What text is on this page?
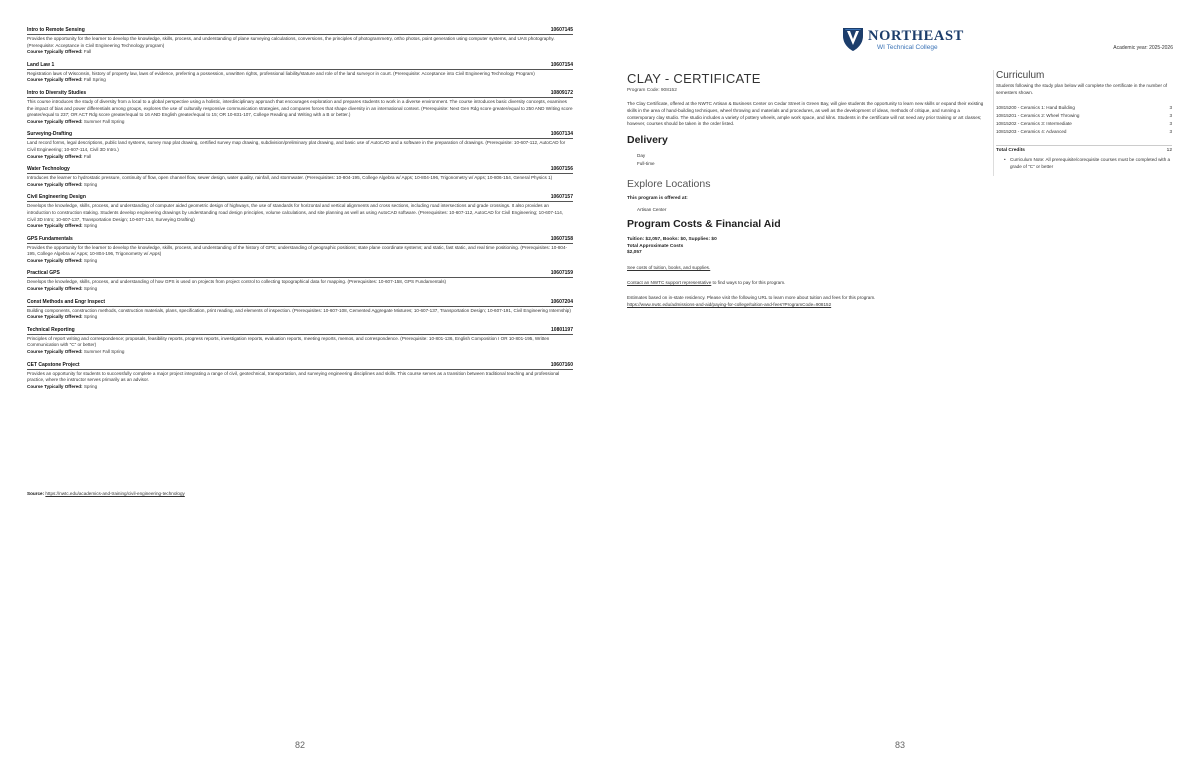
Intro to Remote Sensing	10607145
Provides the opportunity for the learner to develop the knowledge, skills, process, and understanding of plane surveying calculations, conversions, the principles of photogrammetry, ortho photos, point generation using computer systems, and UAS photography. (Prerequisite: Acceptance in Civil Engineering Technology program)
Course Typically Offered: Fall
Land Law 1	10607154
Registration laws of Wisconsin, history of property law, laws of evidence, preferring a possession, unwritten rights, professional liability/stature and role of the land surveyor in court. (Prerequisite: Acceptance into Civil Engineering Technology Program)
Course Typically Offered: Fall Spring
Intro to Diversity Studies	10809172
This course introduces the study of diversity from a local to a global perspective using a holistic, interdisciplinary approach that encourages exploration and prepares students to work in a diverse environment. The course introduces basic diversity concepts, examines the impact of bias and power differentials among groups, explores the use of culturally responsive communication strategies, and compares forces that shape diversity in an international context. (Prerequisite: Next Gen Rdg score greater/equal to 250 AND Writing score greater/equal to 237; OR ACT Rdg score greater/equal to 16 AND English greater/equal to 15; OR 10-831-107, College Reading and Writing with a B or better.)
Course Typically Offered: Summer Fall Spring
Surveying-Drafting	10607134
Land record forms, legal descriptions, public land systems, survey map plat drawing, certified survey map drawing, subdivision/preliminary plat drawing, and basic use of AutoCAD and a software in the preparation of drawings. (Prerequisite: 10-607-112, AutoCAD for Civil Engineering; 10-607-114, Civil 3D Intro.)
Course Typically Offered: Fall
Water Technology	10607156
Introduces the learner to hydrostatic pressure, continuity of flow, open channel flow, sewer design, water quality, rainfall, and stormwater. (Prerequisites: 10-804-195, College Algebra w/ Apps; 10-804-196, Trigonometry w/ Apps; 10-806-154, General Physics 1)
Course Typically Offered: Spring
Civil Engineering Design	10607157
Develops the knowledge, skills, process, and understanding of computer aided geometric design of highways, the use of standards for horizontal and vertical alignments and cross sections, including road intersections and grade crossings. It also provides an introduction to construction staking. Students develop engineering drawings by understanding road design principles, volume calculations, and site planning as well as using AutoCAD software. (Prerequisites: 10-607-112, AutoCAD for Civil Engineering; 10-607-114, Civil 3D Intro; 10-607-137, Transportation Design; 10-607-134, Surveying Drafting)
Course Typically Offered: Spring
GPS Fundamentals	10607158
Provides the opportunity for the learner to develop the knowledge, skills, process, and understanding of the history of GPS; understanding of geographic positions; state plane coordinate systems; and static, fast static, and real time positioning. (Prerequisites: 10-804-195, College Algebra w/ Apps; 10-804-196, Trigonometry w/ Apps)
Course Typically Offered: Spring
Practical GPS	10607159
Develops the knowledge, skills, process, and understanding of how GPS is used on projects from project control to collecting topographical data for mapping. (Prerequisites: 10-607-158, GPS Fundamentals)
Course Typically Offered: Spring
Const Methods and Engr Inspect	10607204
Building components, construction methods, construction materials, plans, specification, print reading, and elements of inspection. (Prerequisites: 10-607-108, Cemented Aggregate Mixtures; 10-607-137, Transportation Design; 10-607-191, Civil Engineering Internship)
Course Typically Offered: Spring
Technical Reporting	10801197
Principles of report writing and correspondence; proposals, feasibility reports, progress reports, investigation reports, evaluation reports, meeting reports, memos, and correspondence. (Prerequisite: 10-801-136, English Composition I OR 10-801-195, Written Communication with "C" or better)
Course Typically Offered: Summer Fall Spring
CET Capstone Project	10607160
Provides an opportunity for students to successfully complete a major project integrating a range of civil, geotechnical, transportation, and surveying engineering disciplines and skills. This course serves as a transition between traditional teaching and professional practice, where the instructor serves primarily as an advisor.
Course Typically Offered: Spring
Source: https://nwtc.edu/academics-and-training/civil-engineering-technology
82	83
NORTHEAST
WI Technical College	Academic year: 2025-2026
CLAY - CERTIFICATE
Program Code: 908152

The Clay Certificate, offered at the NWTC Artisan & Business Center on Cedar Street in Green Bay, will give students the opportunity to learn new skills or expand their existing skills in the area of hand-building techniques, wheel throwing and materials and procedures, as well as the development of ideas, methods of critique, and running a contemporary clay studio. The studio includes a variety of pottery wheels, ample work space, and kilns. Students in the certificate will not need any prior training or art classes; however, courses should be taken in the order listed.

Delivery
Day
Full-time
Explore Locations
This program is offered at:
Artisan Center
Program Costs & Financial Aid
Tuition: $2,057, Books: $0, Supplies: $0
Total Approximate Costs
$2,057
See costs of tuition, books, and supplies.
Contact an NWTC support representative to find ways to pay for this program.
Estimates based on in-state residency. Please visit the following URL to learn more about tuition and fees for this program.
https://www.nwtc.edu/admissions-and-aid/paying-for-college/tuition-and-fees?ProgramCode=908152
Curriculum
Students following the study plan below will complete the certificate in the number of semesters shown.
10815200 - Ceramics 1: Hand Building	3
10815201 - Ceramics 2: Wheel Throwing	3
10815202 - Ceramics 3: Intermediate	3
10815203 - Ceramics 4: Advanced	3
Total Credits	12
• Curriculum Note: All prerequisite/corequisite courses must be completed with a grade of "C" or better
